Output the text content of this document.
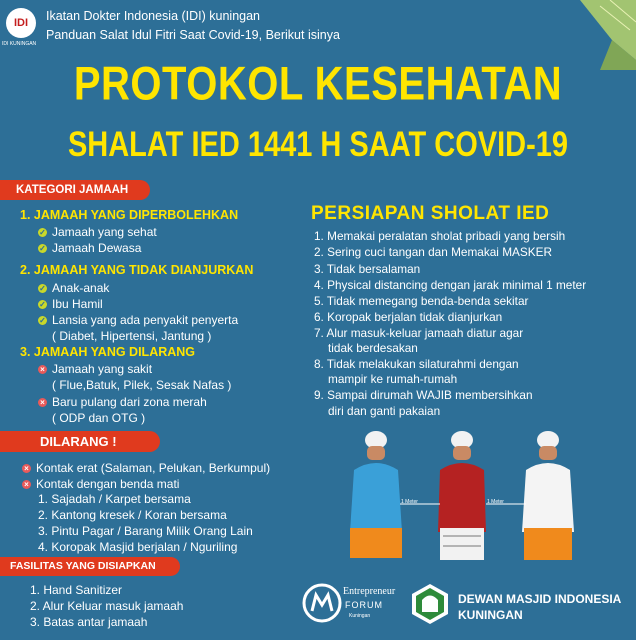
IDI
IDI KUNINGAN
Ikatan Dokter Indonesia (IDI) kuningan
Panduan Salat Idul Fitri Saat Covid-19, Berikut isinya
PROTOKOL KESEHATAN
SHALAT IED 1441 H SAAT COVID-19
KATEGORI JAMAAH
1. JAMAAH YANG DIPERBOLEHKAN
✓ Jamaah yang sehat
✓ Jamaah Dewasa
2. JAMAAH YANG TIDAK DIANJURKAN
✓ Anak-anak
✓ Ibu Hamil
✓ Lansia yang ada penyakit penyerta
( Diabet, Hipertensi, Jantung )
3. JAMAAH YANG DILARANG
× Jamaah yang sakit
( Flue,Batuk, Pilek, Sesak Nafas )
× Baru pulang dari zona merah
( ODP dan OTG )
DILARANG !
× Kontak erat (Salaman, Pelukan, Berkumpul)
× Kontak dengan benda mati
1. Sajadah / Karpet bersama
2. Kantong kresek / Koran bersama
3. Pintu Pagar / Barang Milik Orang Lain
4. Koropak Masjid berjalan / Nguriling
FASILITAS YANG DISIAPKAN
1. Hand Sanitizer
2. Alur Keluar masuk jamaah
3. Batas antar jamaah
PERSIAPAN SHOLAT IED
1. Memakai peralatan sholat pribadi yang bersih
2. Sering cuci tangan dan Memakai MASKER
3. Tidak bersalaman
4. Physical distancing dengan jarak minimal 1 meter
5. Tidak memegang benda-benda sekitar
6. Koropak berjalan tidak dianjurkan
7. Alur masuk-keluar jamaah diatur agar
tidak berdesakan
8. Tidak melakukan silaturahmi dengan
mampir ke rumah-rumah
9. Sampai dirumah WAJIB membersihkan
diri dan ganti pakaian
1 Meter	1 Meter
Entrepreneur
FORUM
Kuningan
DEWAN MASJID INDONESIA
KUNINGAN
